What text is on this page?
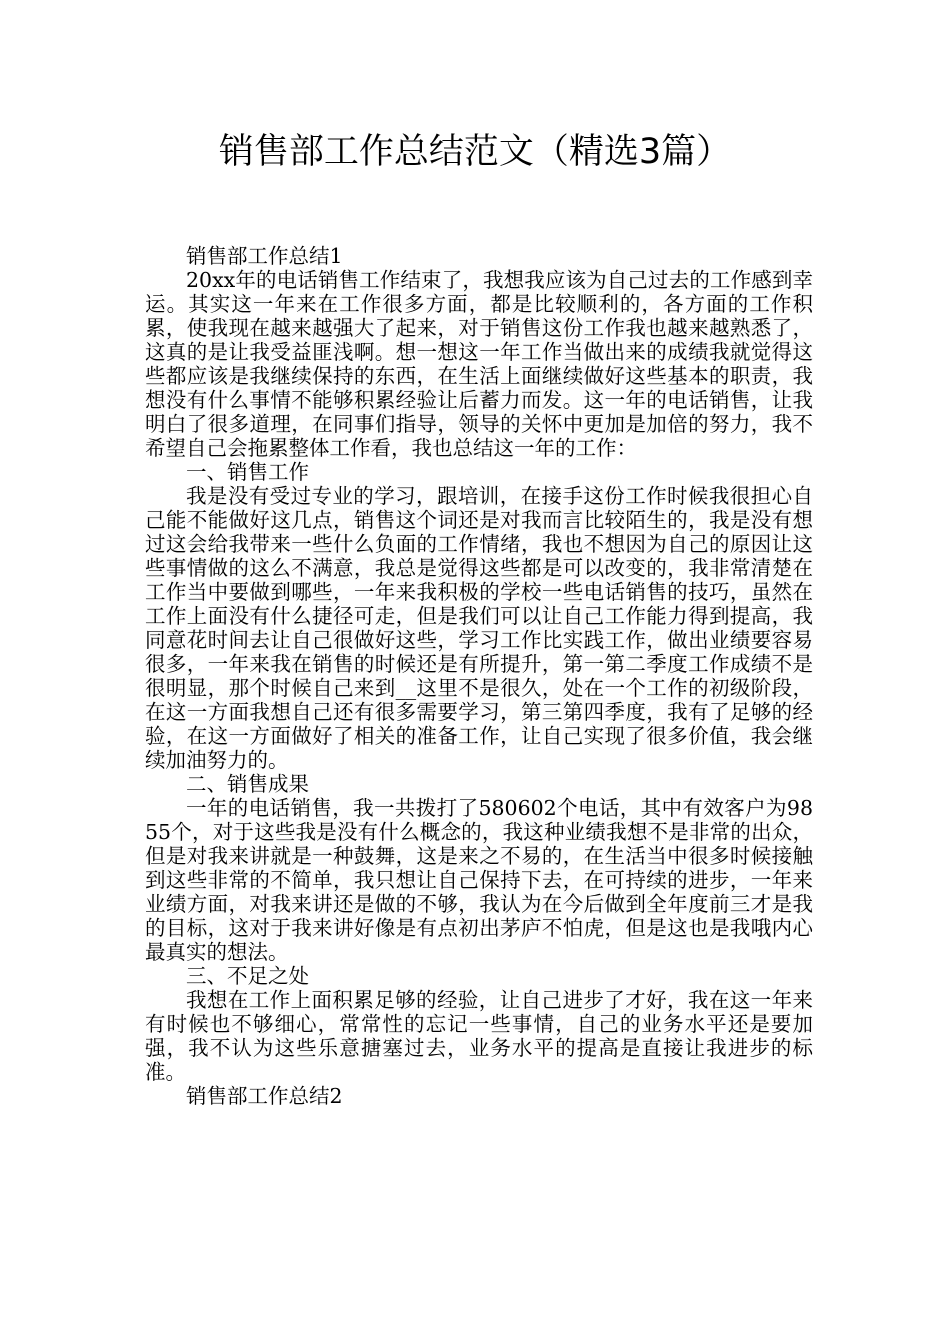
销售部工作总结范文（精选3篇）

销售部工作总结1

20xx年的电话销售工作结束了，我想我应该为自己过去的工作感到幸运。其实这一年来在工作很多方面，都是比较顺利的，各方面的工作积累，使我现在越来越强大了起来，对于销售这份工作我也越来越熟悉了，这真的是让我受益匪浅啊。想一想这一年工作当做出来的成绩我就觉得这些都应该是我继续保持的东西，在生活上面继续做好这些基本的职责，我想没有什么事情不能够积累经验让后蓄力而发。这一年的电话销售，让我明白了很多道理，在同事们指导，领导的关怀中更加是加倍的努力，我不希望自己会拖累整体工作看，我也总结这一年的工作：

一、销售工作

我是没有受过专业的学习，跟培训，在接手这份工作时候我很担心自己能不能做好这几点，销售这个词还是对我而言比较陌生的，我是没有想过这会给我带来一些什么负面的工作情绪，我也不想因为自己的原因让这些事情做的这么不满意，我总是觉得这些都是可以改变的，我非常清楚在工作当中要做到哪些，一年来我积极的学校一些电话销售的技巧，虽然在工作上面没有什么捷径可走，但是我们可以让自己工作能力得到提高，我同意花时间去让自己很做好这些，学习工作比实践工作，做出业绩要容易很多，一年来我在销售的时候还是有所提升，第一第二季度工作成绩不是很明显，那个时候自己来到__这里不是很久，处在一个工作的初级阶段，在这一方面我想自己还有很多需要学习，第三第四季度，我有了足够的经验，在这一方面做好了相关的准备工作，让自己实现了很多价值，我会继续加油努力的。

二、销售成果

一年的电话销售，我一共拨打了580602个电话，其中有效客户为9855个，对于这些我是没有什么概念的，我这种业绩我想不是非常的出众，但是对我来讲就是一种鼓舞，这是来之不易的，在生活当中很多时候接触到这些非常的不简单，我只想让自己保持下去，在可持续的进步，一年来业绩方面，对我来讲还是做的不够，我认为在今后做到全年度前三才是我的目标，这对于我来讲好像是有点初出茅庐不怕虎，但是这也是我哦内心最真实的想法。

三、不足之处

我想在工作上面积累足够的经验，让自己进步了才好，我在这一年来有时候也不够细心，常常性的忘记一些事情，自己的业务水平还是要加强，我不认为这些乐意搪塞过去，业务水平的提高是直接让我进步的标准。

销售部工作总结2
